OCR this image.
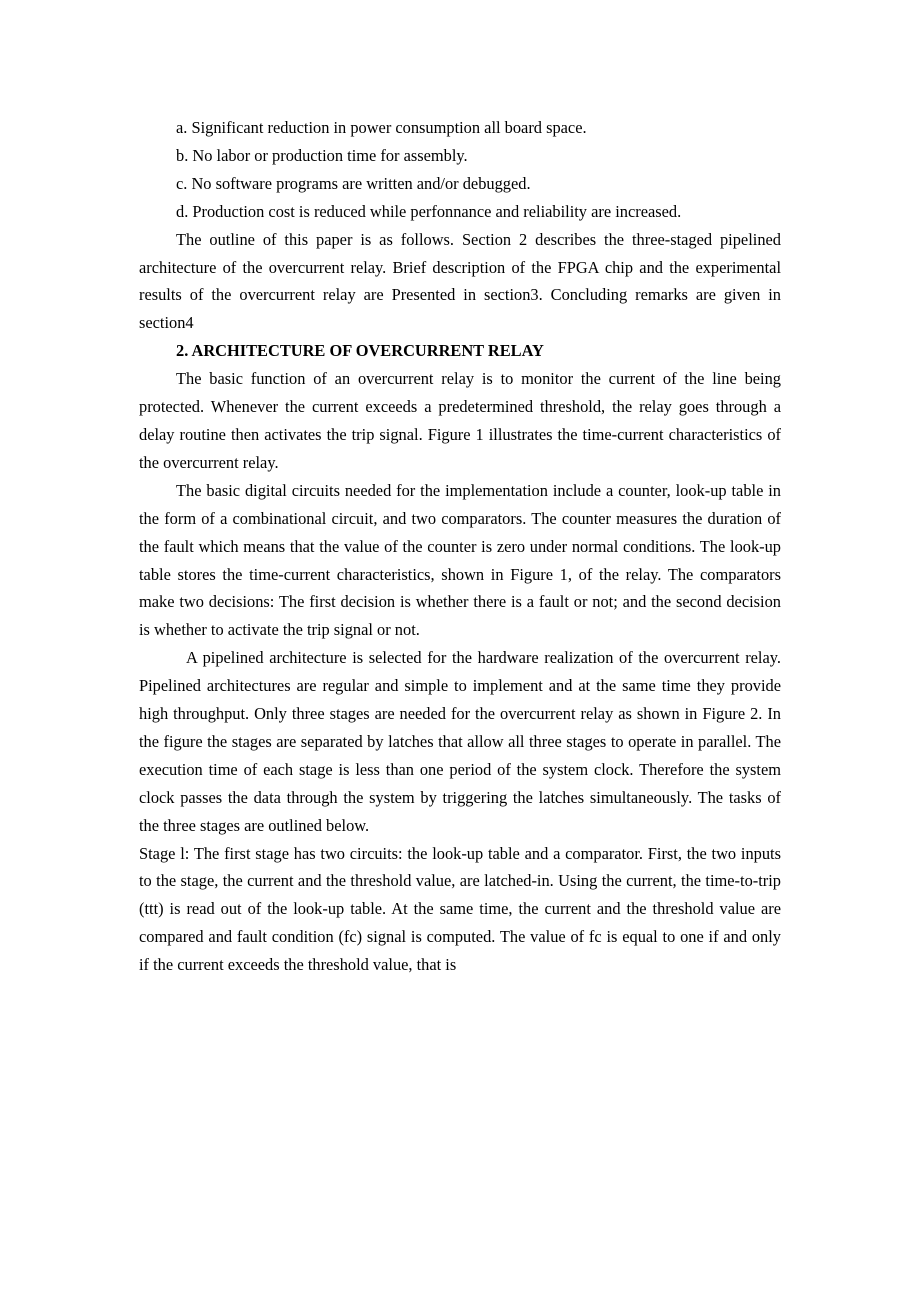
a. Significant reduction in power consumption all board space.

b. No labor or production time for assembly.

c. No software programs are written and/or debugged.

d. Production cost is reduced while perfonnance and reliability are increased.

The outline of this paper is as follows. Section 2 describes the three-staged pipelined architecture of the overcurrent relay. Brief description of the FPGA chip and the experimental results of the overcurrent relay are Presented in section3. Concluding remarks are given in section4

2. ARCHITECTURE OF OVERCURRENT RELAY

The basic function of an overcurrent relay is to monitor the current of the line being protected. Whenever the current exceeds a predetermined threshold, the relay goes through a delay routine then activates the trip signal. Figure 1 illustrates the time-current characteristics of the overcurrent relay.

The basic digital circuits needed for the implementation include a counter, look-up table in the form of a combinational circuit, and two comparators. The counter measures the duration of the fault which means that the value of the counter is zero under normal conditions. The look-up table stores the time-current characteristics, shown in Figure 1, of the relay. The comparators make two decisions: The first decision is whether there is a fault or not; and the second decision is whether to activate the trip signal or not.

A pipelined architecture is selected for the hardware realization of the overcurrent relay. Pipelined architectures are regular and simple to implement and at the same time they provide high throughput. Only three stages are needed for the overcurrent relay as shown in Figure 2. In the figure the stages are separated by latches that allow all three stages to operate in parallel. The execution time of each stage is less than one period of the system clock. Therefore the system clock passes the data through the system by triggering the latches simultaneously. The tasks of the three stages are outlined below.

Stage l: The first stage has two circuits: the look-up table and a comparator. First, the two inputs to the stage, the current and the threshold value, are latched-in. Using the current, the time-to-trip (ttt) is read out of the look-up table. At the same time, the current and the threshold value are compared and fault condition (fc) signal is computed. The value of fc is equal to one if and only if the current exceeds the threshold value, that is
